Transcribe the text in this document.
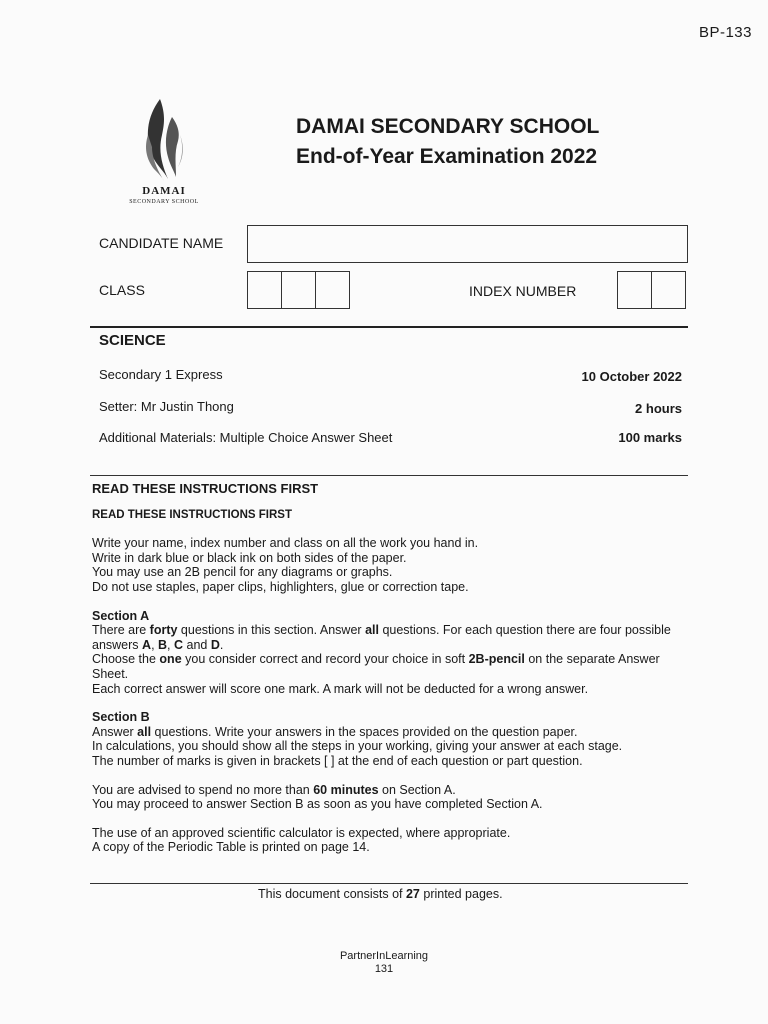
BP-133
DAMAI
SECONDARY SCHOOL
DAMAI SECONDARY SCHOOL
End-of-Year Examination 2022
CANDIDATE NAME
CLASS	INDEX NUMBER
SCIENCE
Secondary 1 Express	10 October 2022
Setter: Mr Justin Thong	2 hours
Additional Materials: Multiple Choice Answer Sheet	100 marks
READ THESE INSTRUCTIONS FIRST
READ THESE INSTRUCTIONS FIRST

Write your name, index number and class on all the work you hand in.

Write in dark blue or black ink on both sides of the paper.

You may use an 2B pencil for any diagrams or graphs.

Do not use staples, paper clips, highlighters, glue or correction tape.

Section A

There are forty questions in this section. Answer all questions. For each question there are four possible answers A, B, C and D.

Choose the one you consider correct and record your choice in soft 2B-pencil on the separate Answer Sheet.

Each correct answer will score one mark. A mark will not be deducted for a wrong answer.

Section B

Answer all questions. Write your answers in the spaces provided on the question paper.

In calculations, you should show all the steps in your working, giving your answer at each stage.

The number of marks is given in brackets [ ] at the end of each question or part question.

You are advised to spend no more than 60 minutes on Section A.

You may proceed to answer Section B as soon as you have completed Section A.

The use of an approved scientific calculator is expected, where appropriate.

A copy of the Periodic Table is printed on page 14.

This document consists of 27 printed pages.
PartnerInLearning
131
